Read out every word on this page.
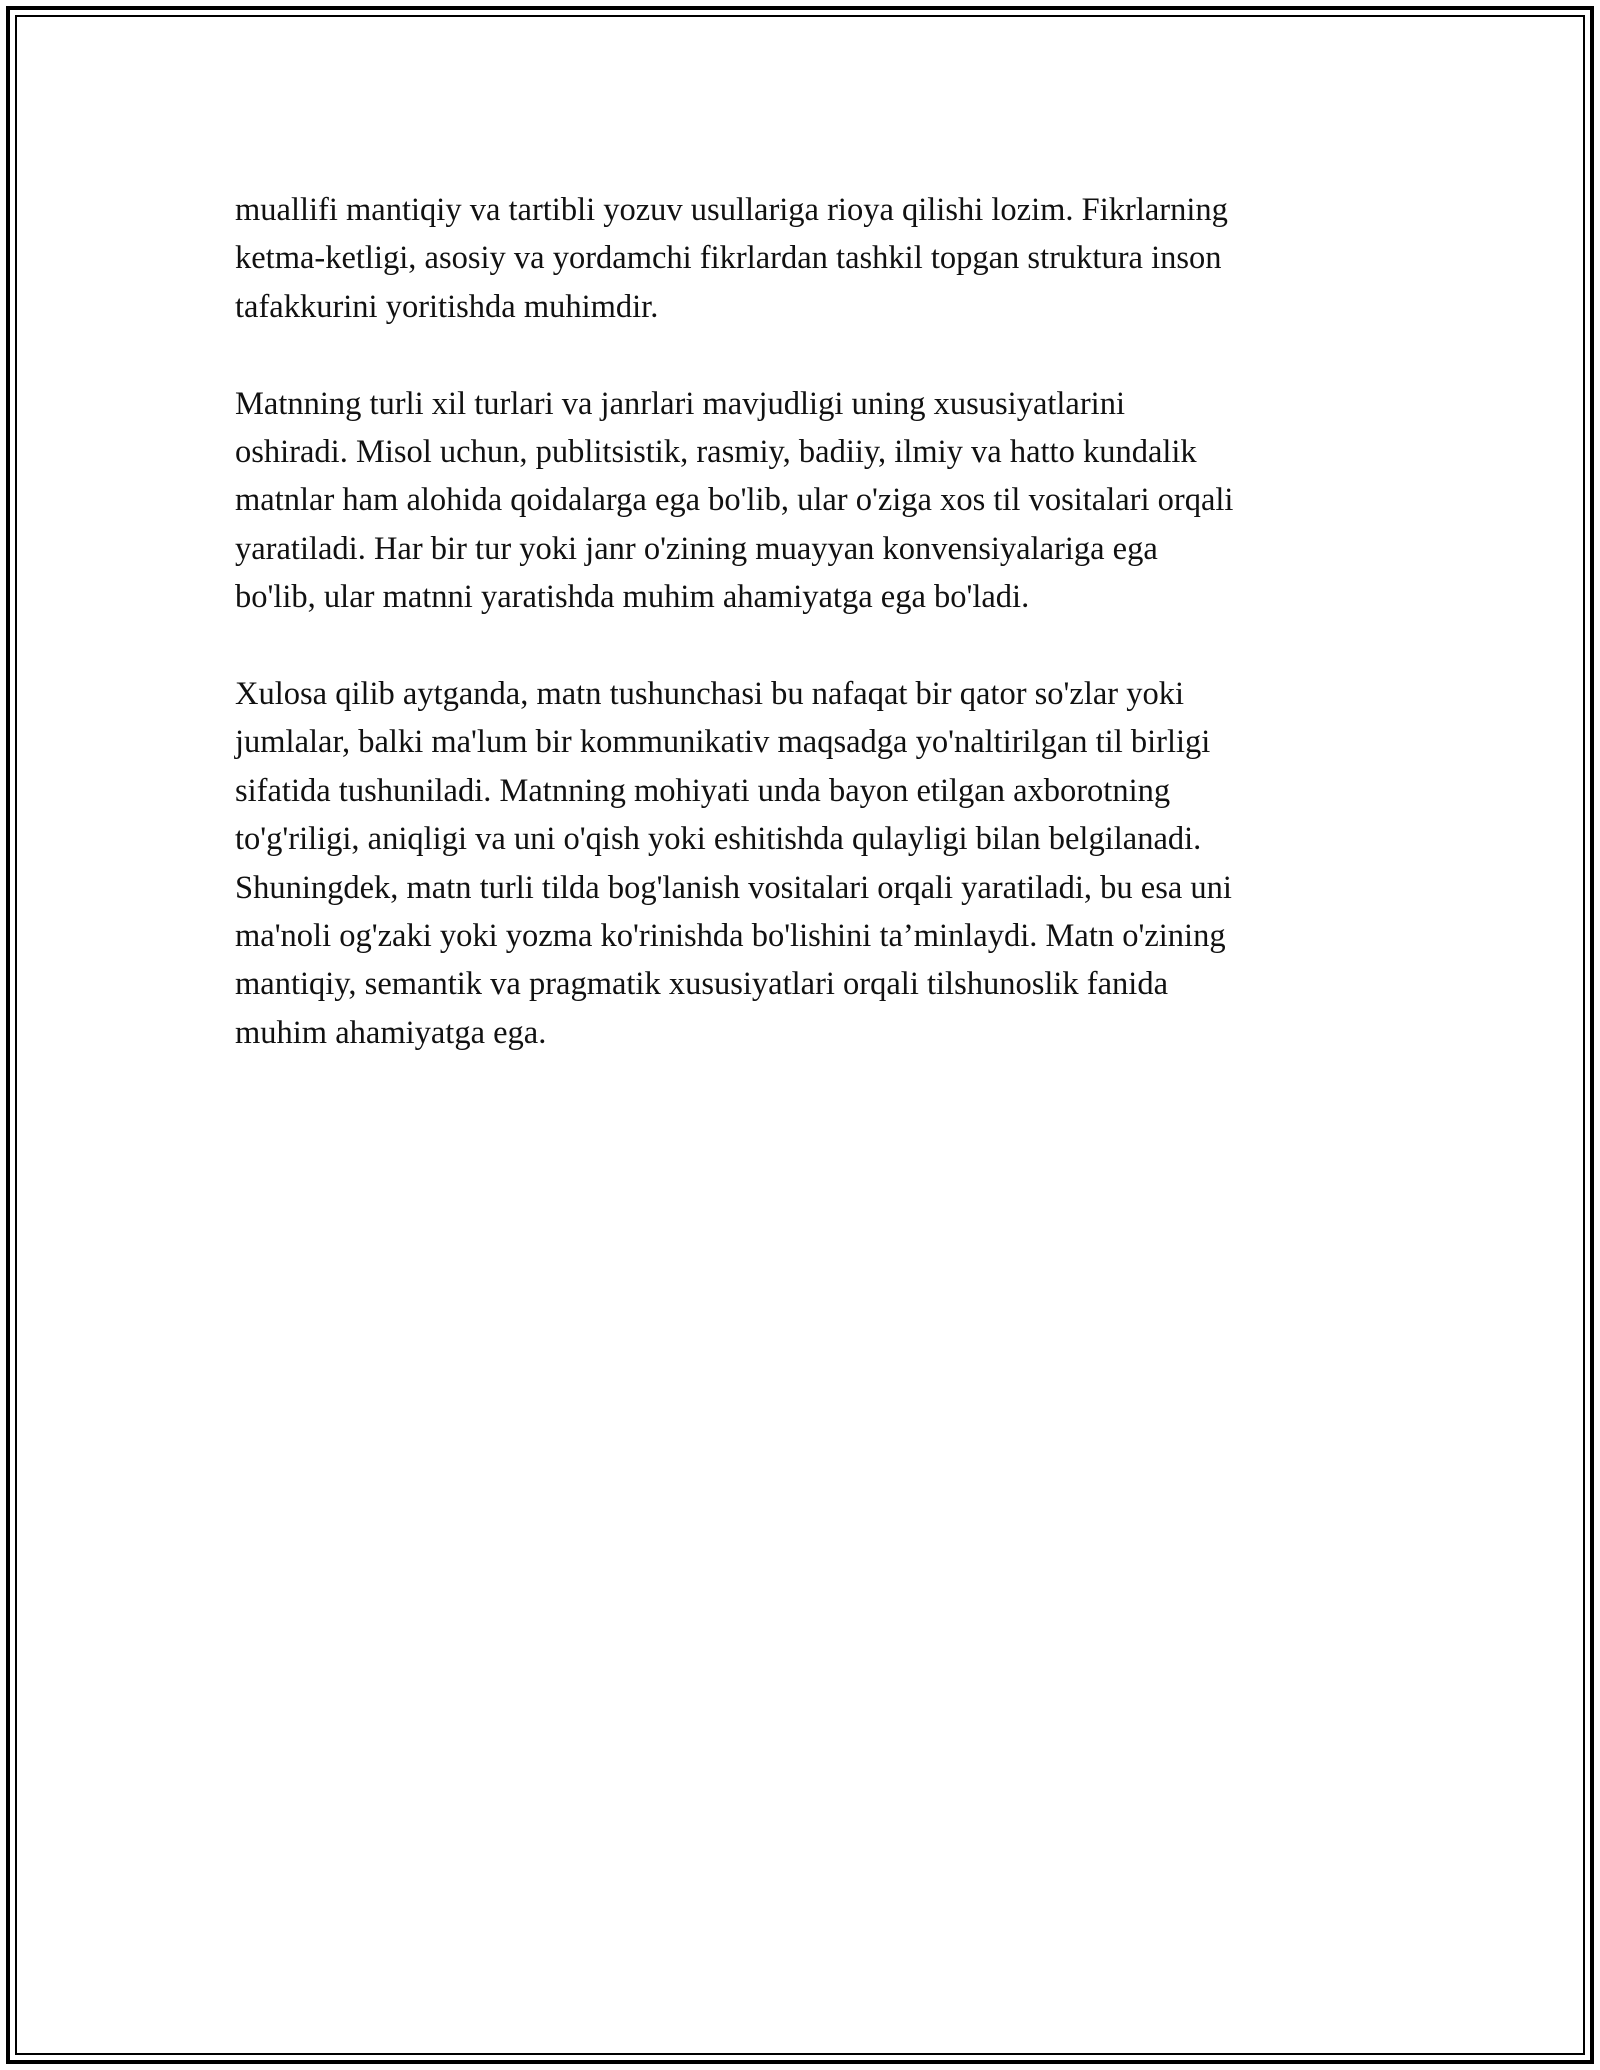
muallifi mantiqiy va tartibli yozuv usullariga rioya qilishi lozim. Fikrlarning
ketma-ketligi, asosiy va yordamchi fikrlardan tashkil topgan struktura inson
tafakkurini yoritishda muhimdir.
Matnning turli xil turlari va janrlari mavjudligi uning xususiyatlarini
oshiradi. Misol uchun, publitsistik, rasmiy, badiiy, ilmiy va hatto kundalik
matnlar ham alohida qoidalarga ega bo'lib, ular o'ziga xos til vositalari orqali
yaratiladi. Har bir tur yoki janr o'zining muayyan konvensiyalariga ega
bo'lib, ular matnni yaratishda muhim ahamiyatga ega bo'ladi.
Xulosa qilib aytganda, matn tushunchasi bu nafaqat bir qator so'zlar yoki
jumlalar, balki ma'lum bir kommunikativ maqsadga yo'naltirilgan til birligi
sifatida tushuniladi. Matnning mohiyati unda bayon etilgan axborotning
to'g'riligi, aniqligi va uni o'qish yoki eshitishda qulayligi bilan belgilanadi.
Shuningdek, matn turli tilda bog'lanish vositalari orqali yaratiladi, bu esa uni
ma'noli og'zaki yoki yozma ko'rinishda bo'lishini ta’minlaydi. Matn o'zining
mantiqiy, semantik va pragmatik xususiyatlari orqali tilshunoslik fanida
muhim ahamiyatga ega.
